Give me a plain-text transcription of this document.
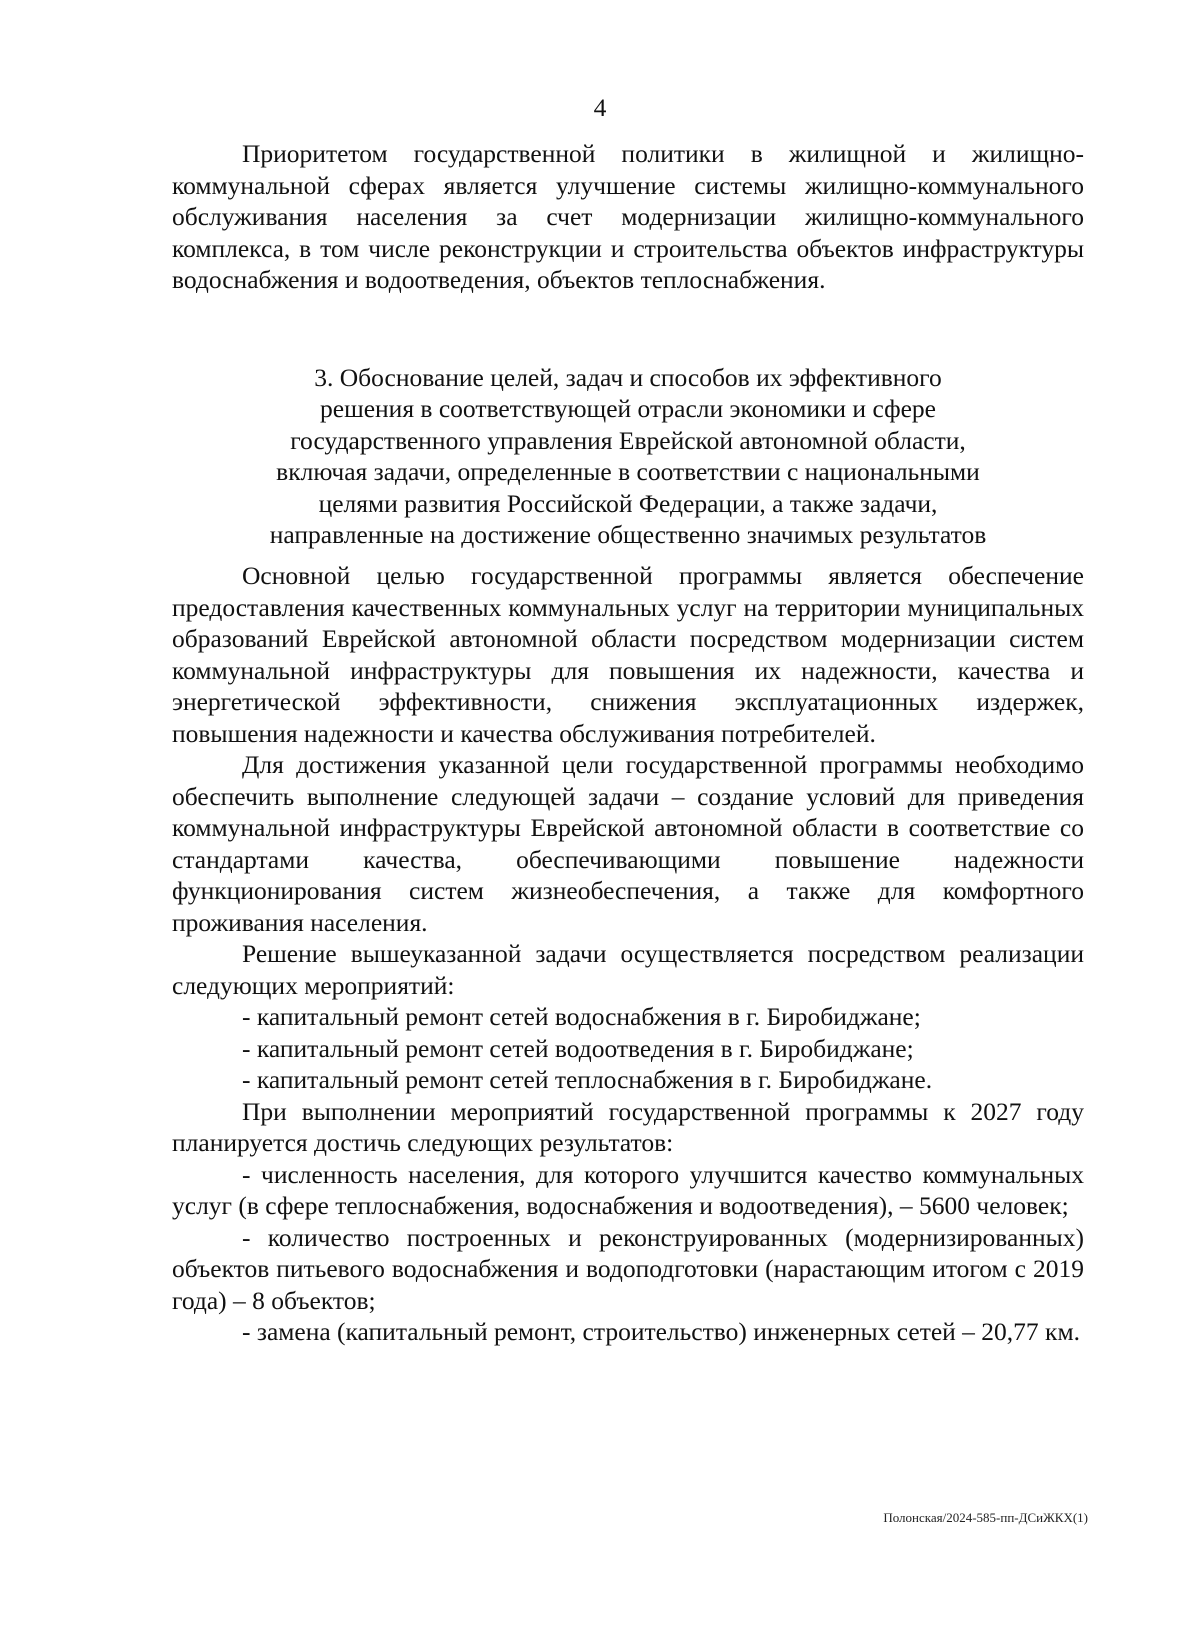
4

Приоритетом государственной политики в жилищной и жилищно-коммунальной сферах является улучшение системы жилищно-коммунального обслуживания населения за счет модернизации жилищно-коммунального комплекса, в том числе реконструкции и строительства объектов инфраструктуры водоснабжения и водоотведения, объектов теплоснабжения.

3. Обоснование целей, задач и способов их эффективного
решения в соответствующей отрасли экономики и сфере
государственного управления Еврейской автономной области,
включая задачи, определенные в соответствии с национальными
целями развития Российской Федерации, а также задачи,
направленные на достижение общественно значимых результатов

Основной целью государственной программы является обеспечение предоставления качественных коммунальных услуг на территории муниципальных образований Еврейской автономной области посредством модернизации систем коммунальной инфраструктуры для повышения их надежности, качества и энергетической эффективности, снижения эксплуатационных издержек, повышения надежности и качества обслуживания потребителей.

Для достижения указанной цели государственной программы необходимо обеспечить выполнение следующей задачи – создание условий для приведения коммунальной инфраструктуры Еврейской автономной области в соответствие со стандартами качества, обеспечивающими повышение надежности функционирования систем жизнеобеспечения, а также для комфортного проживания населения.

Решение вышеуказанной задачи осуществляется посредством реализации следующих мероприятий:

- капитальный ремонт сетей водоснабжения в г. Биробиджане;

- капитальный ремонт сетей водоотведения в г. Биробиджане;

- капитальный ремонт сетей теплоснабжения в г. Биробиджане.

При выполнении мероприятий государственной программы к 2027 году планируется достичь следующих результатов:

- численность населения, для которого улучшится качество коммунальных услуг (в сфере теплоснабжения, водоснабжения и водоотведения), – 5600 человек;

- количество построенных и реконструированных (модернизированных) объектов питьевого водоснабжения и водоподготовки (нарастающим итогом с 2019 года) – 8 объектов;

- замена (капитальный ремонт, строительство) инженерных сетей – 20,77 км.

Полонская/2024-585-пп-ДСиЖКХ(1)
